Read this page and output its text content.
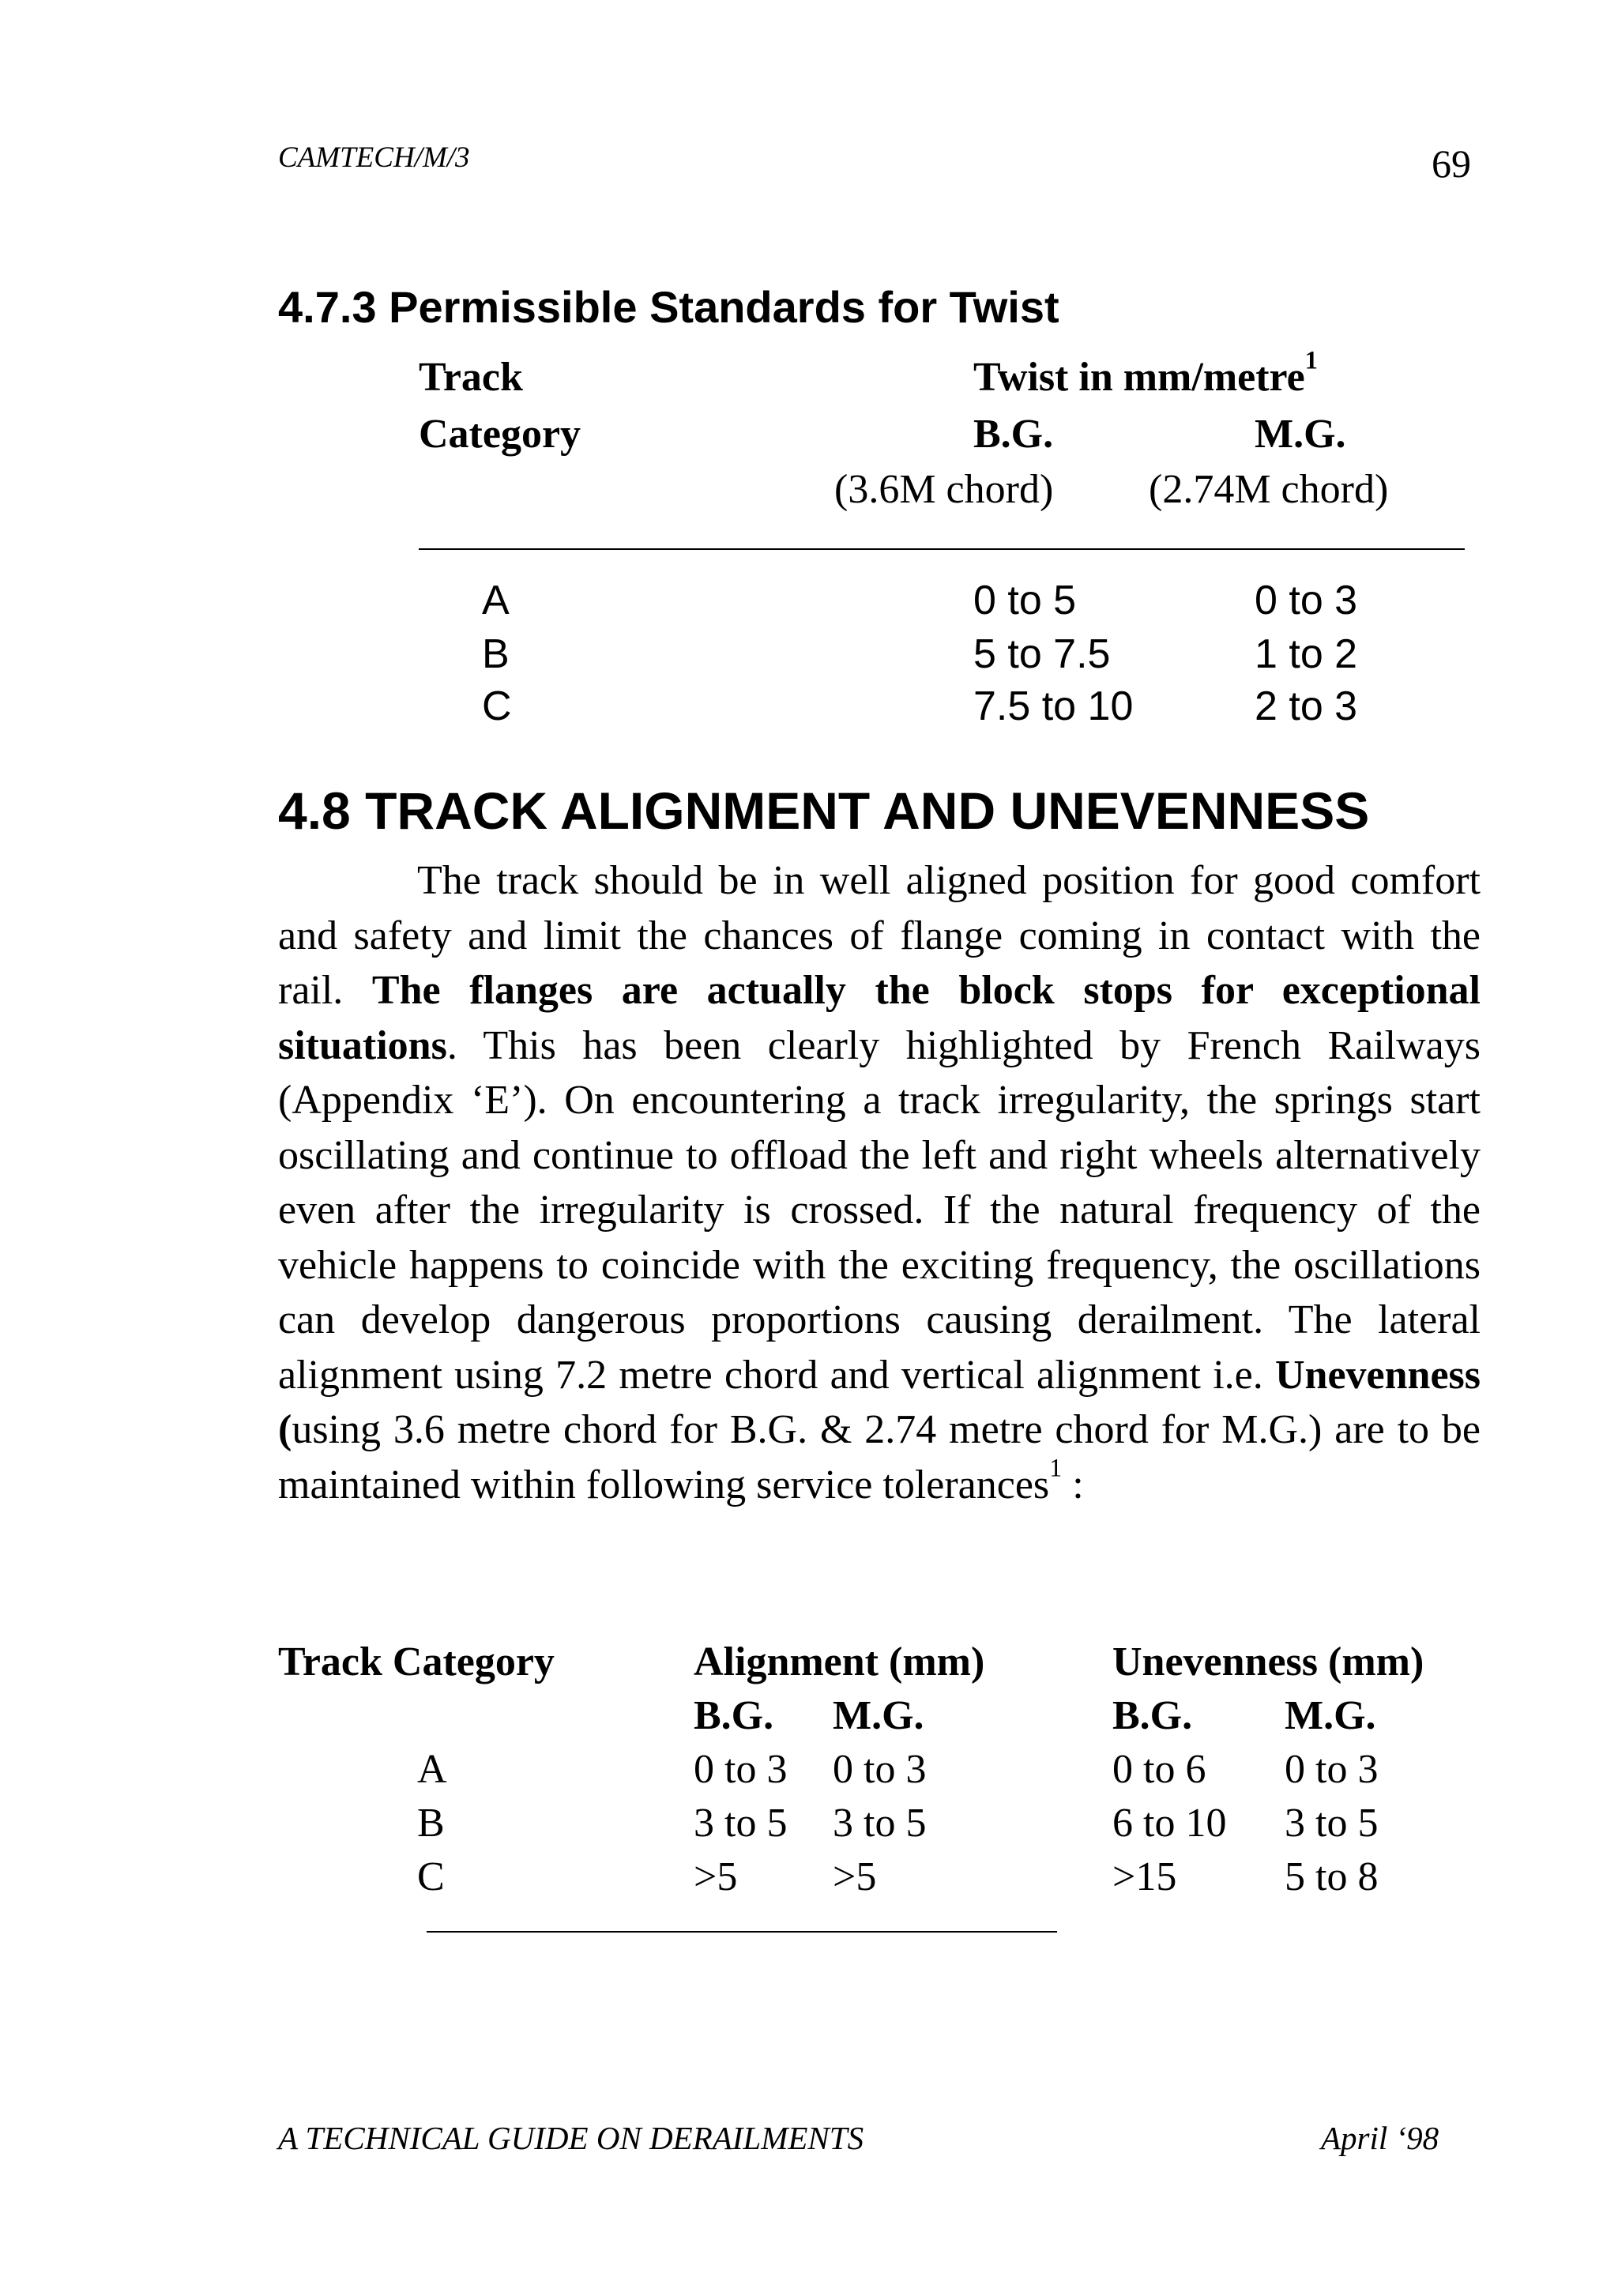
CAMTECH/M/3	69
4.7.3 Permissible Standards for Twist
Track	Twist in mm/metre$^1$
Category	B.G.	M.G.
(3.6M chord) (2.74M chord)
A	0 to 5	0 to 3
B	5 to 7.5	1 to 2
C	7.5 to 10	2 to 3
4.8 TRACK ALIGNMENT AND UNEVENNESS
The track should be in well aligned position for good comfort and safety and limit the chances of flange coming in contact with the rail. The flanges are actually the block stops for exceptional situations. This has been clearly highlighted by French Railways (Appendix ‘E’). On encountering a track irregularity, the springs start oscillating and continue to offload the left and right wheels alternatively even after the irregularity is crossed. If the natural frequency of the vehicle happens to coincide with the exciting frequency, the oscillations can develop dangerous proportions causing derailment. The lateral alignment using 7.2 metre chord and vertical alignment i.e. Unevenness (using 3.6 metre chord for B.G. & 2.74 metre chord for M.G.) are to be maintained within following service tolerances$^1$ :
Track Category	Alignment (mm)	Unevenness (mm)
B.G. M.G.	B.G. M.G.
A	0 to 3 0 to 3	0 to 6 0 to 3
B	3 to 5 3 to 5	6 to 10 3 to 5
C	>5 >5	>15	5 to 8
A TECHNICAL GUIDE ON DERAILMENTS	April ‘98
